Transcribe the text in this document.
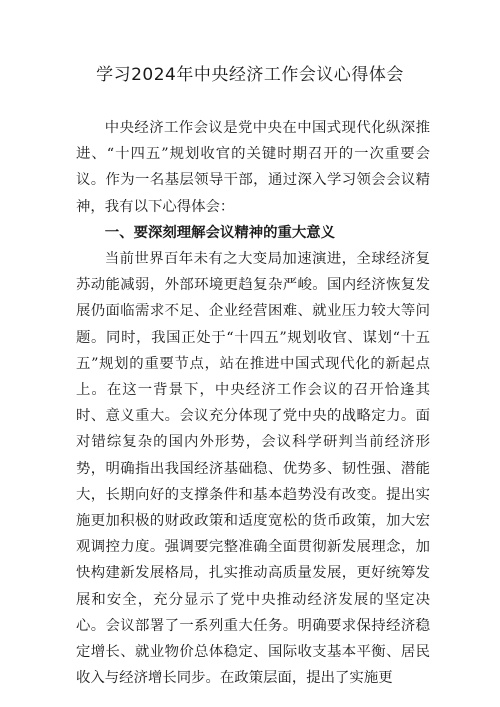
学习2024年中央经济工作会议心得体会

中央经济工作会议是党中央在中国式现代化纵深推进、“十四五”规划收官的关键时期召开的一次重要会议。作为一名基层领导干部，通过深入学习领会会议精神，我有以下心得体会：

一、要深刻理解会议精神的重大意义

当前世界百年未有之大变局加速演进，全球经济复苏动能减弱，外部环境更趋复杂严峻。国内经济恢复发展仍面临需求不足、企业经营困难、就业压力较大等问题。同时，我国正处于“十四五”规划收官、谋划“十五五”规划的重要节点，站在推进中国式现代化的新起点上。在这一背景下，中央经济工作会议的召开恰逢其时、意义重大。会议充分体现了党中央的战略定力。面对错综复杂的国内外形势，会议科学研判当前经济形势，明确指出我国经济基础稳、优势多、韧性强、潜能大，长期向好的支撑条件和基本趋势没有改变。提出实施更加积极的财政政策和适度宽松的货币政策，加大宏观调控力度。强调要完整准确全面贯彻新发展理念，加快构建新发展格局，扎实推动高质量发展，更好统筹发展和安全，充分显示了党中央推动经济发展的坚定决心。会议部署了一系列重大任务。明确要求保持经济稳定增长、就业物价总体稳定、国际收支基本平衡、居民收入与经济增长同步。在政策层面，提出了实施更
